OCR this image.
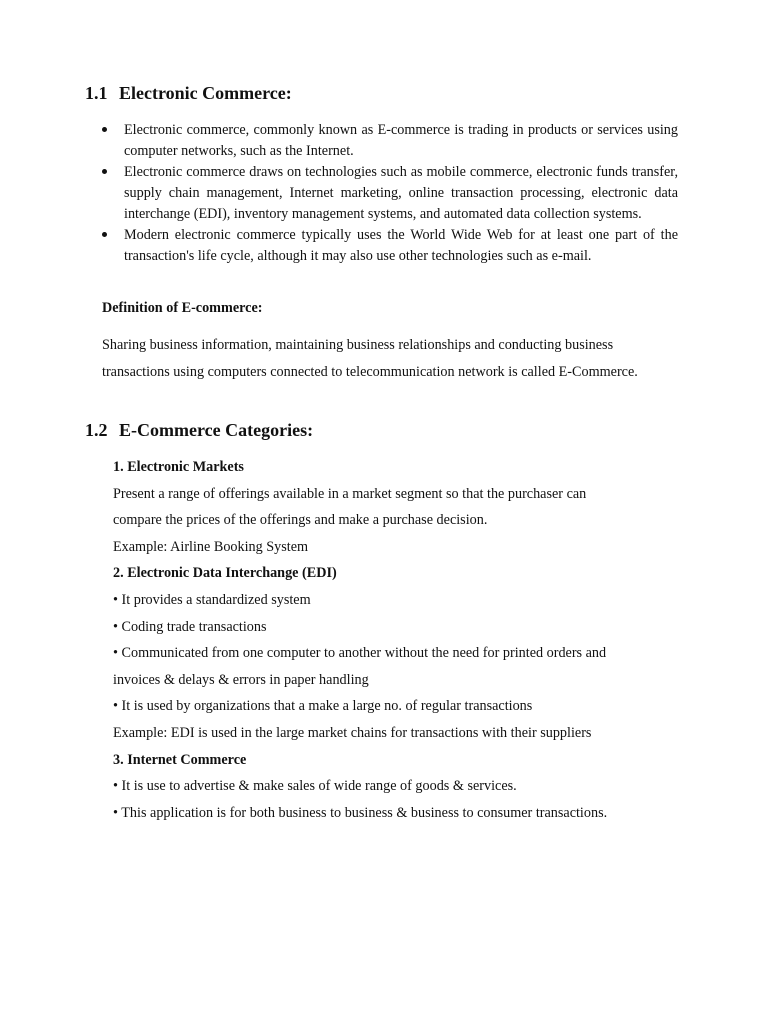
1.1 Electronic Commerce:
Electronic commerce, commonly known as E-commerce is trading in products or services using computer networks, such as the Internet.
Electronic commerce draws on technologies such as mobile commerce, electronic funds transfer, supply chain management, Internet marketing, online transaction processing, electronic data interchange (EDI), inventory management systems, and automated data collection systems.
Modern electronic commerce typically uses the World Wide Web for at least one part of the transaction's life cycle, although it may also use other technologies such as e-mail.

Definition of E-commerce:

Sharing business information, maintaining business relationships and conducting business
transactions using computers connected to telecommunication network is called E-Commerce.

1.2 E-Commerce Categories:

1. Electronic Markets

Present a range of offerings available in a market segment so that the purchaser can

compare the prices of the offerings and make a purchase decision.

Example: Airline Booking System

2. Electronic Data Interchange (EDI)

• It provides a standardized system

• Coding trade transactions

• Communicated from one computer to another without the need for printed orders and

invoices & delays & errors in paper handling

• It is used by organizations that a make a large no. of regular transactions

Example: EDI is used in the large market chains for transactions with their suppliers

3. Internet Commerce

• It is use to advertise & make sales of wide range of goods & services.

• This application is for both business to business & business to consumer transactions.
